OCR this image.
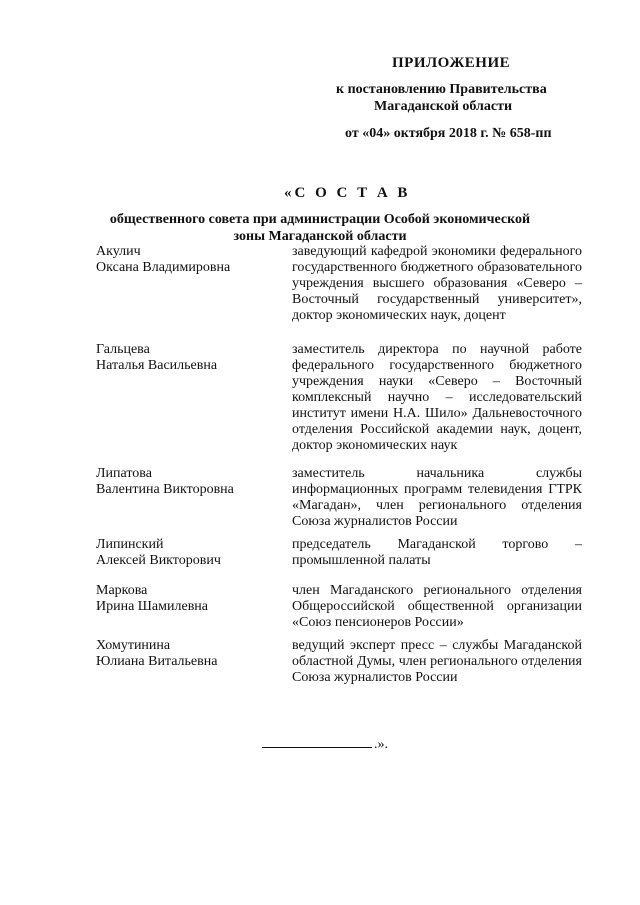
ПРИЛОЖЕНИЕ
к постановлению Правительства
Магаданской области
от «04» октября 2018 г. № 658-пп
«С О С Т А В
общественного совета при администрации Особой экономической
зоны Магаданской области
Акулич
Оксана Владимировна
заведующий кафедрой экономики федерального государственного бюджетного образовательного учреждения высшего образования «Северо – Восточный государственный университет», доктор экономических наук, доцент
Гальцева
Наталья Васильевна
заместитель директора по научной работе федерального государственного бюджетного учреждения науки «Северо – Восточный комплексный научно – исследовательский институт имени Н.А. Шило» Дальневосточного отделения Российской академии наук, доцент, доктор экономических наук
Липатова
Валентина Викторовна
заместитель начальника службы информационных программ телевидения ГТРК «Магадан», член регионального отделения Союза журналистов России
Липинский
Алексей Викторович
председатель Магаданской торгово – промышленной палаты
Маркова
Ирина Шамилевна
член Магаданского регионального отделения Общероссийской общественной организации «Союз пенсионеров России»
Хомутинина
Юлиана Витальевна
ведущий эксперт пресс – службы Магаданской областной Думы, член регионального отделения Союза журналистов России
.».
